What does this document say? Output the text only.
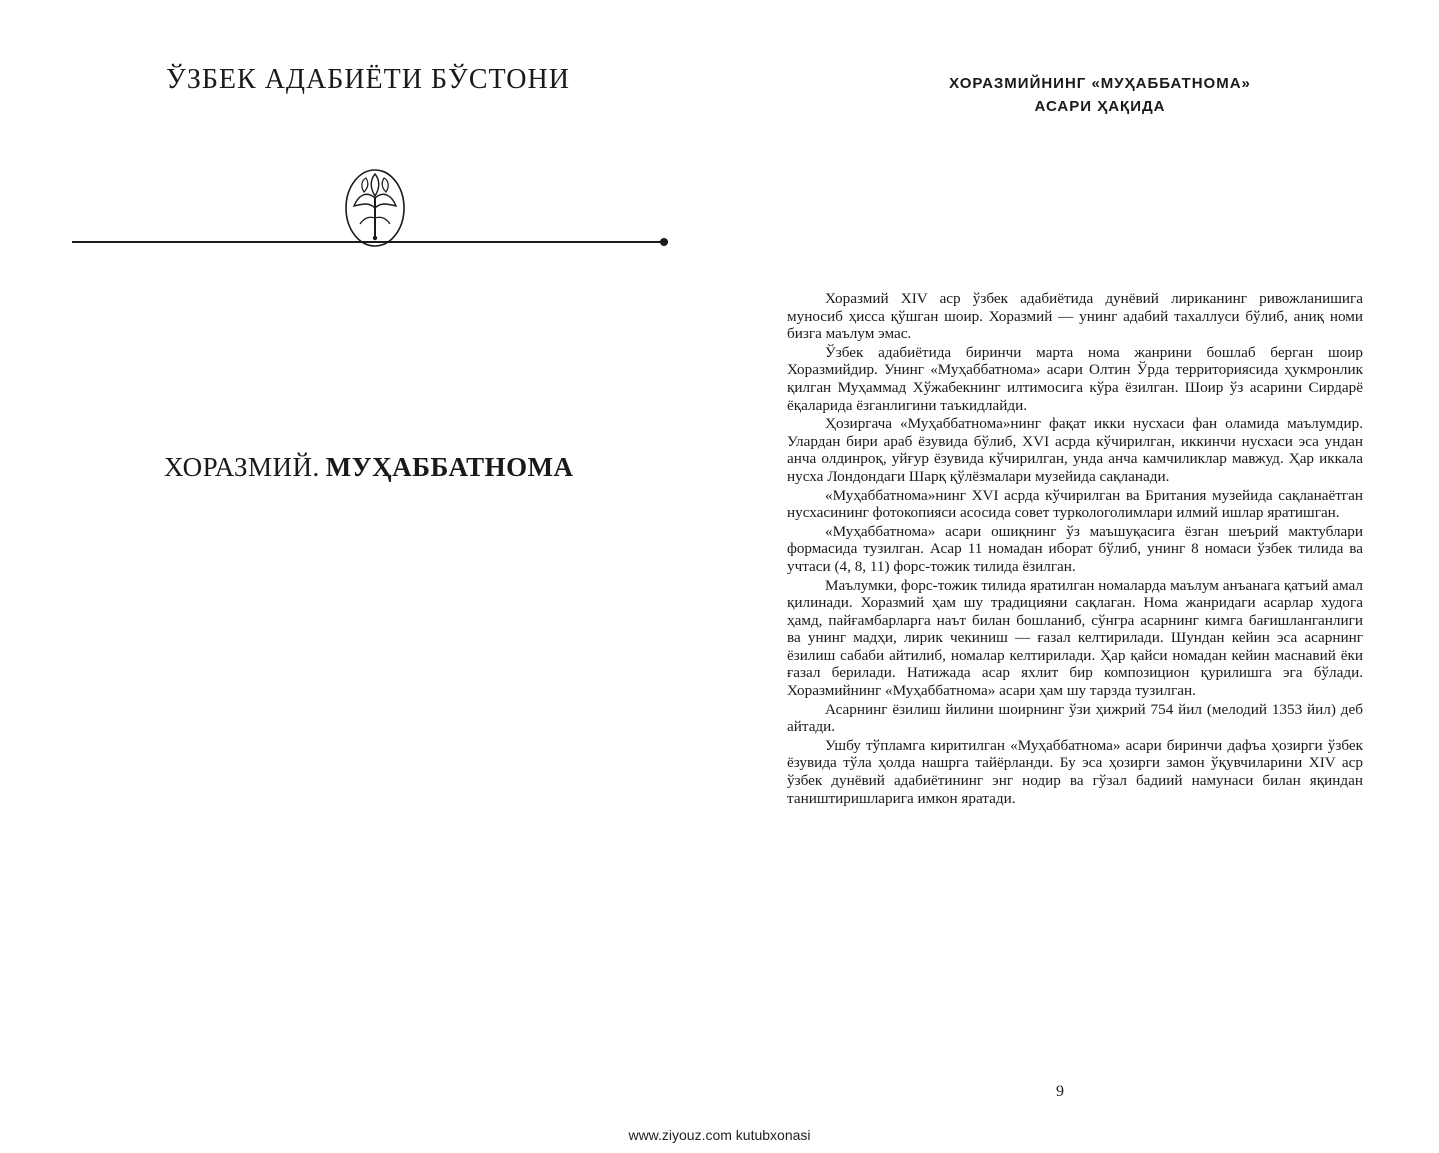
ЎЗБЕК АДАБИЁТИ БЎСТОНИ
ХОРАЗМИЙ. МУҲАББАТНОМА
ХОРАЗМИЙНИНГ «МУҲАББАТНОМА»
АСАРИ ҲАҚИДА

Хоразмий XIV аср ўзбек адабиётида дунёвий лириканинг ривожланишига муносиб ҳисса қўшган шоир. Хоразмий — унинг адабий тахаллуси бўлиб, аниқ номи бизга маълум эмас.

Ўзбек адабиётида биринчи марта нома жанрини бошлаб берган шоир Хоразмийдир. Унинг «Муҳаббатнома» асари Олтин Ўрда территориясида ҳукмронлик қилган Муҳаммад Хўжабекнинг илтимосига кўра ёзилган. Шоир ўз асарини Сирдарё ёқаларида ёзганлигини таъкидлайди.

Ҳозиргача «Муҳаббатнома»нинг фақат икки нусхаси фан оламида маълумдир. Улардан бири араб ёзувида бўлиб, XVI асрда кўчирилган, иккинчи нусхаси эса ундан анча олдинроқ, уйғур ёзувида кўчирилган, унда анча камчиликлар мавжуд. Ҳар иккала нусха Лондондаги Шарқ қўлёзмалари музейида сақланади.

«Муҳаббатнома»нинг XVI асрда кўчирилган ва Британия музейида сақланаётган нусхасининг фотокопияси асосида совет туркологолимлари илмий ишлар яратишган.

«Муҳаббатнома» асари ошиқнинг ўз маъшуқасига ёзган шеърий мактублари формасида тузилган. Асар 11 номадан иборат бўлиб, унинг 8 номаси ўзбек тилида ва учтаси (4, 8, 11) форс-тожик тилида ёзилган.

Маълумки, форс-тожик тилида яратилган номаларда маълум анъанага қатъий амал қилинади. Хоразмий ҳам шу традицияни сақлаган. Нома жанридаги асарлар худога ҳамд, пайғамбарларга наът билан бошланиб, сўнгра асарнинг кимга бағишланганлиги ва унинг мадҳи, лирик чекиниш — ғазал келтирилади. Шундан кейин эса асарнинг ёзилиш сабаби айтилиб, номалар келтирилади. Ҳар қайси номадан кейин маснавий ёки ғазал берилади. Натижада асар яхлит бир композицион қурилишга эга бўлади. Хоразмийнинг «Муҳаббатнома» асари ҳам шу тарзда тузилган.

Асарнинг ёзилиш йилини шоирнинг ўзи ҳижрий 754 йил (мелодий 1353 йил) деб айтади.

Ушбу тўпламга киритилган «Муҳаббатнома» асари биринчи дафъа ҳозирги ўзбек ёзувида тўла ҳолда нашрга тайёрланди. Бу эса ҳозирги замон ўқувчиларини XIV аср ўзбек дунёвий адабиётининг энг нодир ва гўзал бадиий намунаси билан яқиндан таништиришларига имкон яратади.

9
www.ziyouz.com kutubxonasi
